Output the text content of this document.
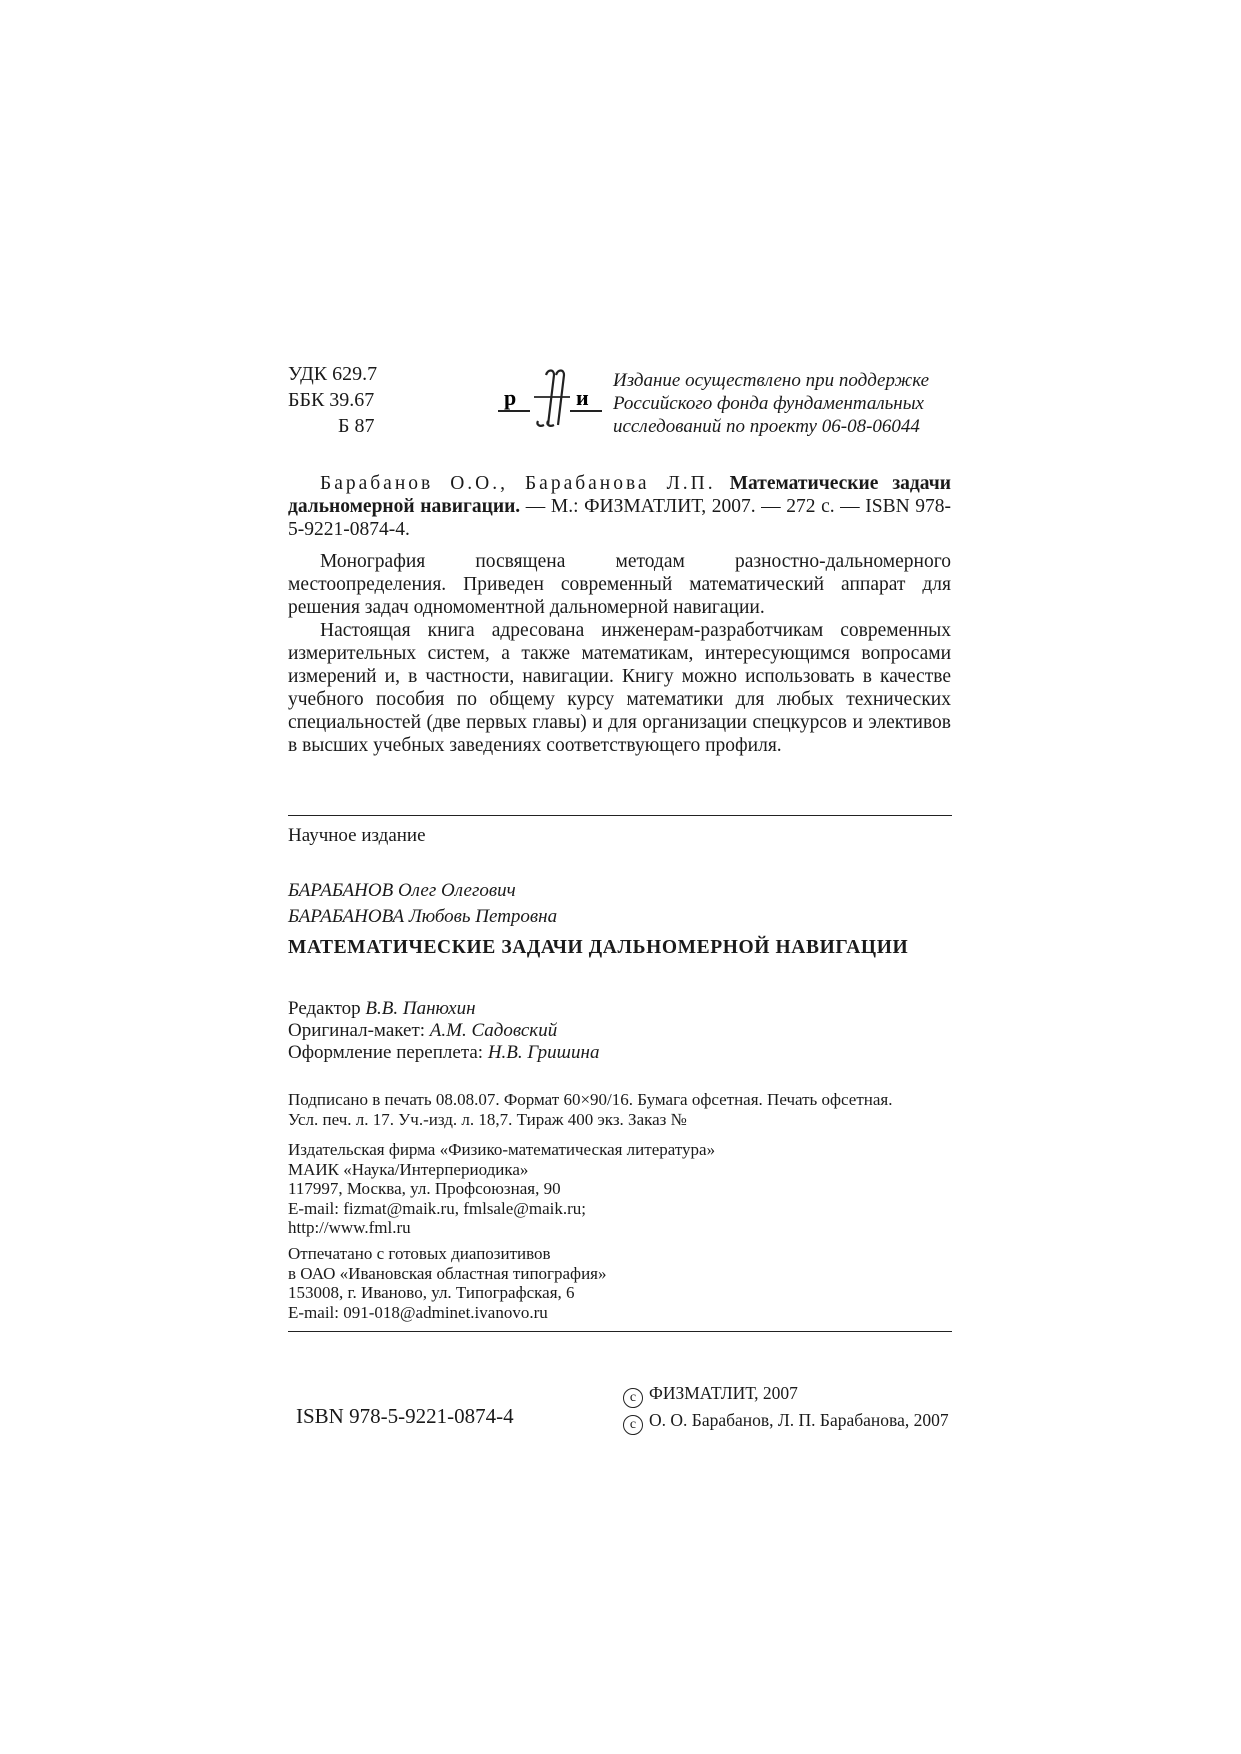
УДК 629.7
ББК 39.67
Б 87
р	и
Издание осуществлено при поддержке
Российского фонда фундаментальных
исследований по проекту 06-08-06044
Барабанов О.О., Барабанова Л.П. Математические задачи дальномерной навигации. — М.: ФИЗМАТЛИТ, 2007. — 272 с. — ISBN 978-5-9221-0874-4.
Монография посвящена методам разностно-дальномерного местоопределения. Приведен современный математический аппарат для решения задач одномоментной дальномерной навигации.
Настоящая книга адресована инженерам-разработчикам современных измерительных систем, а также математикам, интересующимся вопросами измерений и, в частности, навигации. Книгу можно использовать в качестве учебного пособия по общему курсу математики для любых технических специальностей (две первых главы) и для организации спецкурсов и элективов в высших учебных заведениях соответствующего профиля.
Научное издание
БАРАБАНОВ Олег Олегович
БАРАБАНОВА Любовь Петровна
МАТЕМАТИЧЕСКИЕ ЗАДАЧИ ДАЛЬНОМЕРНОЙ НАВИГАЦИИ
Редактор В.В. Панюхин
Оригинал-макет: А.М. Садовский
Оформление переплета: Н.В. Гришина
Подписано в печать 08.08.07. Формат 60×90/16. Бумага офсетная. Печать офсетная.
Усл. печ. л. 17. Уч.-изд. л. 18,7. Тираж 400 экз. Заказ №
Издательская фирма «Физико-математическая литература»
МАИК «Наука/Интерпериодика»
117997, Москва, ул. Профсоюзная, 90
E-mail: fizmat@maik.ru, fmlsale@maik.ru;
http://www.fml.ru
Отпечатано с готовых диапозитивов
в ОАО «Ивановская областная типография»
153008, г. Иваново, ул. Типографская, 6
E-mail: 091-018@adminet.ivanovo.ru
ISBN 978-5-9221-0874-4
c ФИЗМАТЛИТ, 2007
c О. О. Барабанов, Л. П. Барабанова, 2007
